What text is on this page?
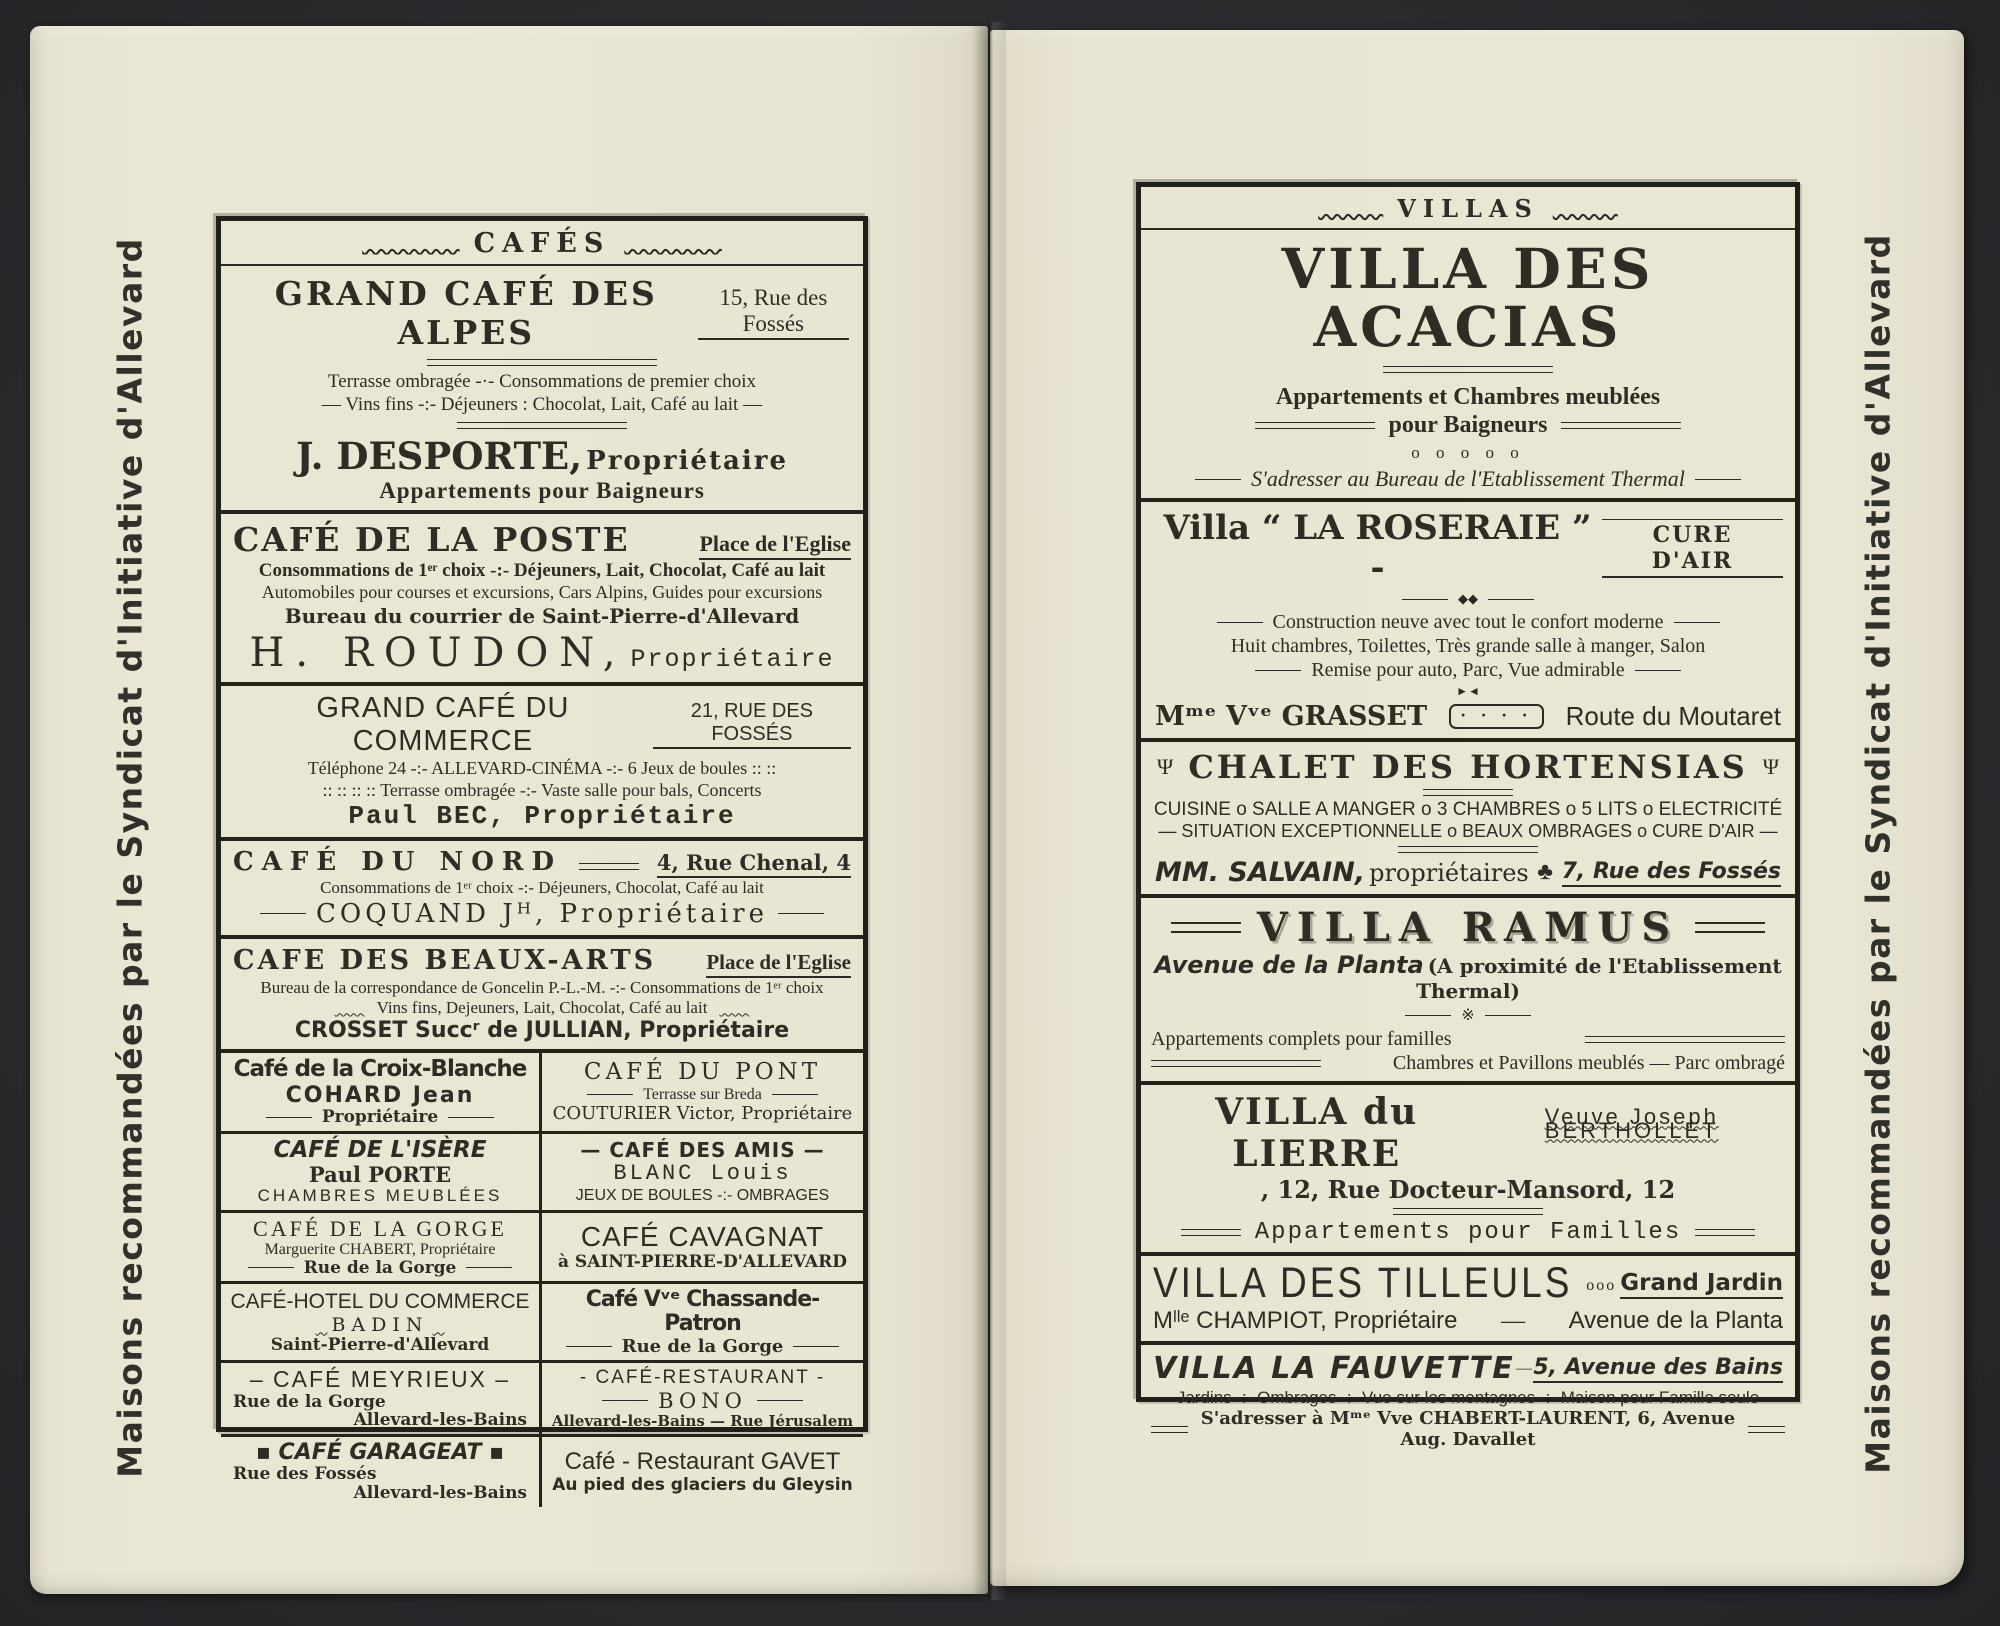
CAFÉS

GRAND CAFÉ DES ALPES
15, Rue des Fossés
Terrasse ombragée -·- Consommations de premier choix
— Vins fins -:- Déjeuners : Chocolat, Lait, Café au lait —
J. DESPORTE, Propriétaire
Appartements pour Baigneurs
CAFÉ DE LA POSTE	Place de l'Eglise
Consommations de 1ᵉʳ choix -:- Déjeuners, Lait, Chocolat, Café au lait
Automobiles pour courses et excursions, Cars Alpins, Guides pour excursions
Bureau du courrier de Saint-Pierre-d'Allevard
H. ROUDON, Propriétaire
GRAND CAFÉ DU COMMERCE
21, RUE DES FOSSÉS
Téléphone 24 -:- ALLEVARD-CINÉMA -:- 6 Jeux de boules :: ::
:: :: :: :: Terrasse ombragée -:- Vaste salle pour bals, Concerts
Paul BEC, Propriétaire
CAFÉ DU NORD	4, Rue Chenal, 4
Consommations de 1ᵉʳ choix -:- Déjeuners, Chocolat, Café au lait
COQUAND Jᴴ, Propriétaire
CAFE DES BEAUX-ARTS Place de l'Eglise
Bureau de la correspondance de Goncelin P.-L.-M. -:- Consommations de 1ᵉʳ choix

Vins fins, Dejeuners, Lait, Chocolat, Café au lait

CROSSET Succʳ de JULLIAN, Propriétaire
Café de la Croix-Blanche
COHARD Jean
Propriétaire
CAFÉ DU PONT
Terrasse sur Breda
COUTURIER Victor, Propriétaire
CAFÉ DE L'ISÈRE
Paul PORTE
CHAMBRES MEUBLÉES
— CAFÉ DES AMIS —
BLANC Louis
JEUX DE BOULES -:- OMBRAGES
CAFÉ DE LA GORGE
Marguerite CHABERT, Propriétaire
Rue de la Gorge
CAFÉ CAVAGNAT
à SAINT-PIERRE-D'ALLEVARD
CAFÉ-HOTEL DU COMMERCE
BADIN
Saint-Pierre-d'Allevard
Café Vᵛᵉ Chassande-Patron
Rue de la Gorge
– CAFÉ MEYRIEUX –
Rue de la Gorge
Allevard-les-Bains
- CAFÉ-RESTAURANT -
BONO
Allevard-les-Bains — Rue Jérusalem
▪ CAFÉ GARAGEAT ▪
Rue des Fossés
Allevard-les-Bains
Café - Restaurant GAVET
Au pied des glaciers du Gleysin

VILLAS

VILLA DES ACACIAS
Appartements et Chambres meublées
pour Baigneurs
o o o o o
S'adresser au Bureau de l'Etablissement Thermal
Villa “ LA ROSERAIE ” -
CURE D'AIR
◆◆
Construction neuve avec tout le confort moderne
Huit chambres, Toilettes, Très grande salle à manger, Salon
Remise pour auto, Parc, Vue admirable
►◄
Mᵐᵉ Vᵛᵉ GRASSET	· · · ·	Route du Moutaret
Ψ CHALET DES HORTENSIAS Ψ
CUISINE o SALLE A MANGER o 3 CHAMBRES o 5 LITS o ELECTRICITÉ
— SITUATION EXCEPTIONNELLE o BEAUX OMBRAGES o CURE D'AIR —
MM. SALVAIN, propriétaires ♣ 7, Rue des Fossés
VILLA RAMUS
Avenue de la Planta (A proximité de l'Etablissement Thermal)
※
Appartements complets pour familles
Chambres et Pavillons meublés — Parc ombragé
VILLA du LIERRE
Veuve Joseph BERTHOLLET
, 12, Rue Docteur-Mansord, 12
Appartements pour Familles
VILLA DES TILLEULS ooo Grand Jardin
Mˡˡᵉ CHAMPIOT, Propriétaire — Avenue de la Planta
VILLA LA FAUVETTE — 5, Avenue des Bains
Jardins -:- Ombrages -:- Vue sur les montagnes -:- Maison pour Famille seule
S'adresser à Mᵐᵉ Vve CHABERT-LAURENT, 6, Avenue Aug. Davallet
Maisons recommandées par le Syndicat d'Initiative d'Allevard	Maisons recommandées par le Syndicat d'Initiative d'Allevard
